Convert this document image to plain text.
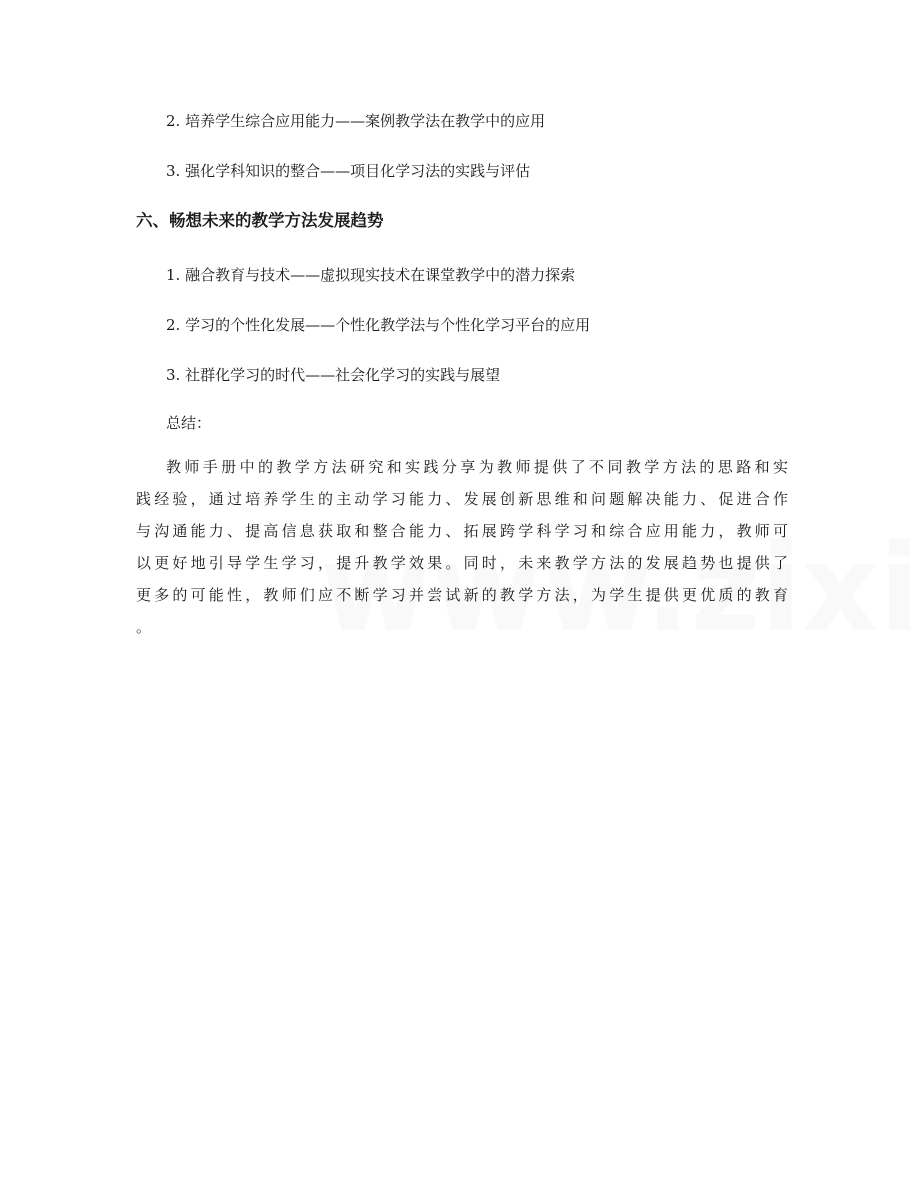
2. 培养学生综合应用能力——案例教学法在教学中的应用
3. 强化学科知识的整合——项目化学习法的实践与评估
六、畅想未来的教学方法发展趋势
1. 融合教育与技术——虚拟现实技术在课堂教学中的潜力探索
2. 学习的个性化发展——个性化教学法与个性化学习平台的应用
3. 社群化学习的时代——社会化学习的实践与展望
总结：
教师手册中的教学方法研究和实践分享为教师提供了不同教学方法的思路和实
践经验，通过培养学生的主动学习能力、发展创新思维和问题解决能力、促进合作
与沟通能力、提高信息获取和整合能力、拓展跨学科学习和综合应用能力，教师可
以更好地引导学生学习，提升教学效果。同时，未来教学方法的发展趋势也提供了
更多的可能性，教师们应不断学习并尝试新的教学方法，为学生提供更优质的教育
。
